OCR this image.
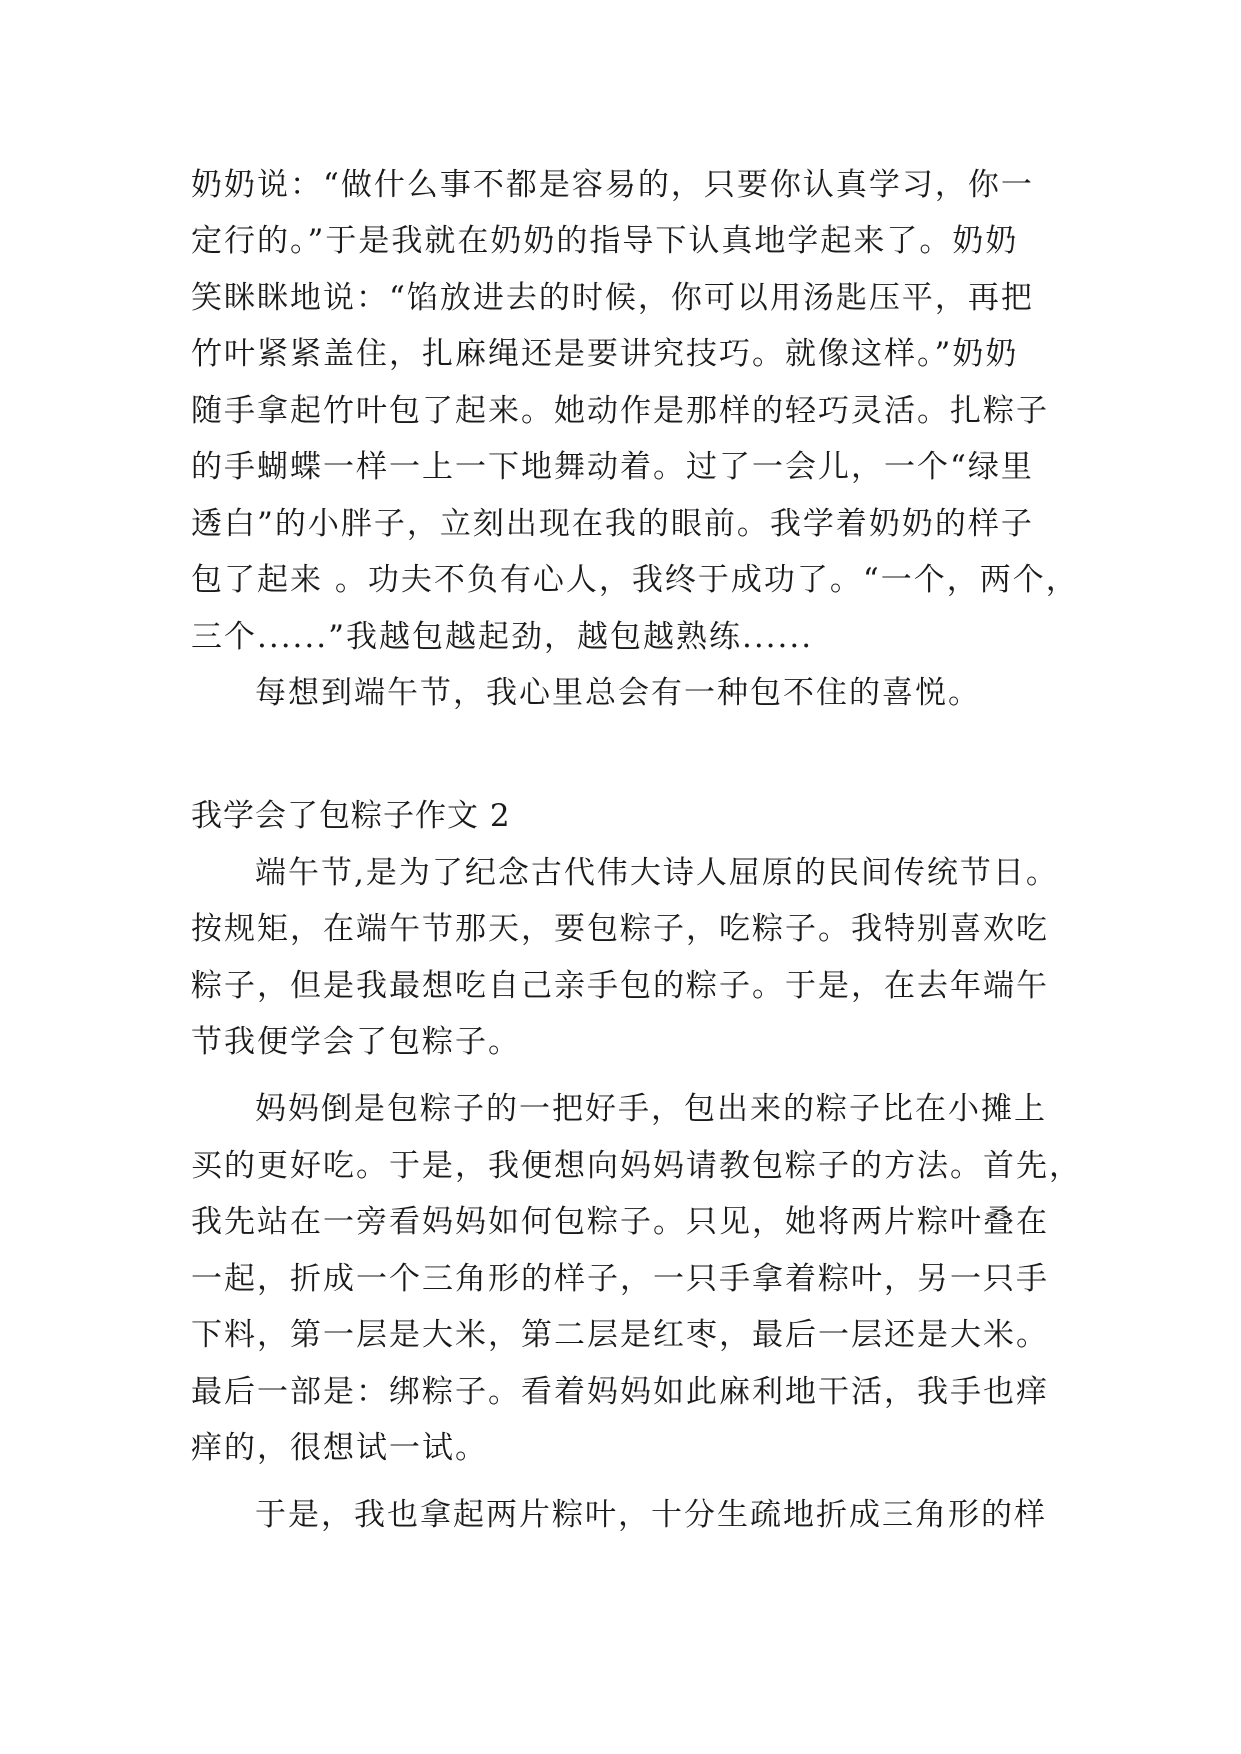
奶奶说：“做什么事不都是容易的，只要你认真学习，你一
定行的。”于是我就在奶奶的指导下认真地学起来了。奶奶
笑眯眯地说：“馅放进去的时候，你可以用汤匙压平，再把
竹叶紧紧盖住，扎麻绳还是要讲究技巧。就像这样。”奶奶
随手拿起竹叶包了起来。她动作是那样的轻巧灵活。扎粽子
的手蝴蝶一样一上一下地舞动着。过了一会儿，一个“绿里
透白”的小胖子，立刻出现在我的眼前。我学着奶奶的样子
包了起来 。功夫不负有心人，我终于成功了。“一个，两个，
三个......”我越包越起劲，越包越熟练......
每想到端午节，我心里总会有一种包不住的喜悦。
我学会了包粽子作文 2
端午节,是为了纪念古代伟大诗人屈原的民间传统节日。
按规矩，在端午节那天，要包粽子，吃粽子。我特别喜欢吃
粽子，但是我最想吃自己亲手包的粽子。于是，在去年端午
节我便学会了包粽子。
妈妈倒是包粽子的一把好手，包出来的粽子比在小摊上
买的更好吃。于是，我便想向妈妈请教包粽子的方法。首先，
我先站在一旁看妈妈如何包粽子。只见，她将两片粽叶叠在
一起，折成一个三角形的样子，一只手拿着粽叶，另一只手
下料，第一层是大米，第二层是红枣，最后一层还是大米。
最后一部是：绑粽子。看着妈妈如此麻利地干活，我手也痒
痒的，很想试一试。
于是，我也拿起两片粽叶，十分生疏地折成三角形的样
